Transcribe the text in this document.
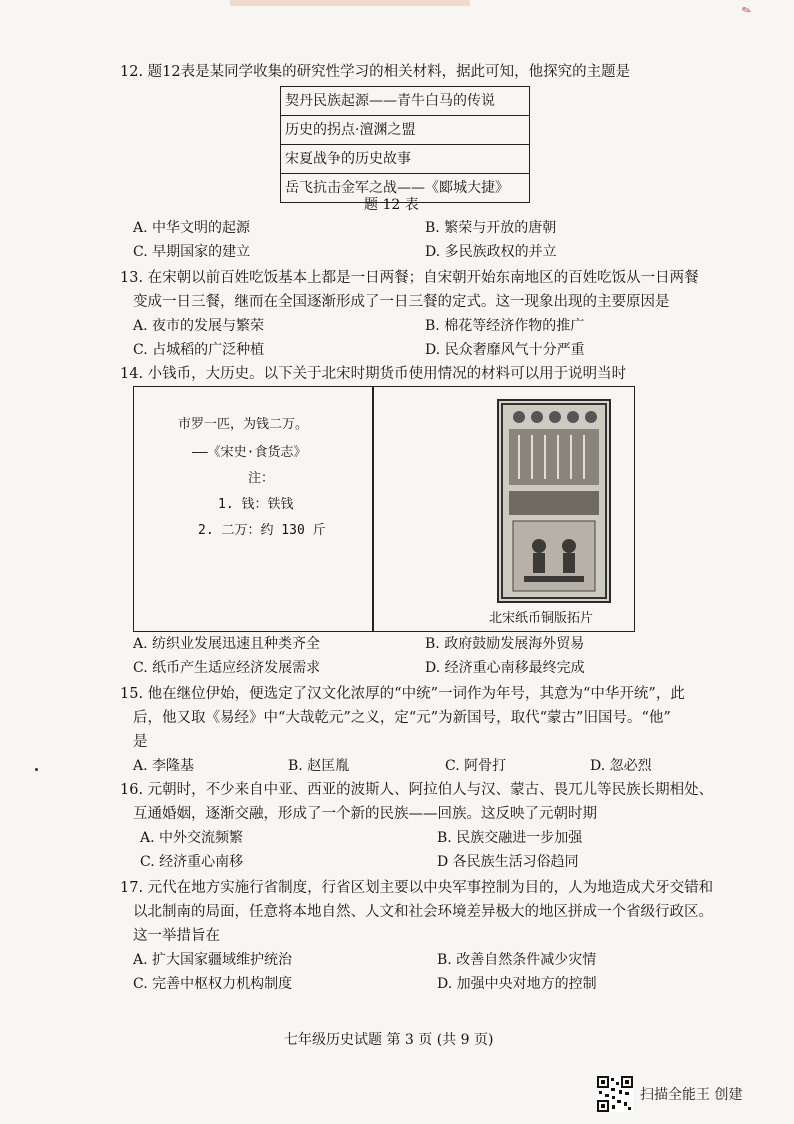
✎
12. 题12表是某同学收集的研究性学习的相关材料，据此可知，他探究的主题是
契丹民族起源——青牛白马的传说
历史的拐点·澶渊之盟
宋夏战争的历史故事
岳飞抗击金军之战——《郾城大捷》
题 12 表
A. 中华文明的起源	B. 繁荣与开放的唐朝
C. 早期国家的建立	D. 多民族政权的并立
13. 在宋朝以前百姓吃饭基本上都是一日两餐；自宋朝开始东南地区的百姓吃饭从一日两餐
变成一日三餐，继而在全国逐渐形成了一日三餐的定式。这一现象出现的主要原因是
A. 夜市的发展与繁荣	B. 棉花等经济作物的推广
C. 占城稻的广泛种植	D. 民众奢靡风气十分严重
14. 小钱币，大历史。以下关于北宋时期货币使用情况的材料可以用于说明当时
市罗一匹，为钱二万。
——《宋史·食货志》
注：
1. 钱：铁钱
2. 二万：约 130 斤
北宋纸币铜版拓片
A. 纺织业发展迅速且种类齐全	B. 政府鼓励发展海外贸易
C. 纸币产生适应经济发展需求	D. 经济重心南移最终完成
15. 他在继位伊始，便选定了汉文化浓厚的“中统”一词作为年号，其意为“中华开统”，此
后，他又取《易经》中“大哉乾元”之义，定“元”为新国号，取代“蒙古”旧国号。“他”
是
A. 李隆基	B. 赵匡胤	C. 阿骨打	D. 忽必烈
16. 元朝时，不少来自中亚、西亚的波斯人、阿拉伯人与汉、蒙古、畏兀儿等民族长期相处、
互通婚姻，逐渐交融，形成了一个新的民族——回族。这反映了元朝时期
A. 中外交流频繁	B. 民族交融进一步加强
C. 经济重心南移	D 各民族生活习俗趋同
17. 元代在地方实施行省制度，行省区划主要以中央军事控制为目的，人为地造成犬牙交错和
以北制南的局面，任意将本地自然、人文和社会环境差异极大的地区拼成一个省级行政区。
这一举措旨在
A. 扩大国家疆域维护统治	B. 改善自然条件减少灾情
C. 完善中枢权力机构制度	D. 加强中央对地方的控制
七年级历史试题 第 3 页 (共 9 页)
扫描全能王 创建
